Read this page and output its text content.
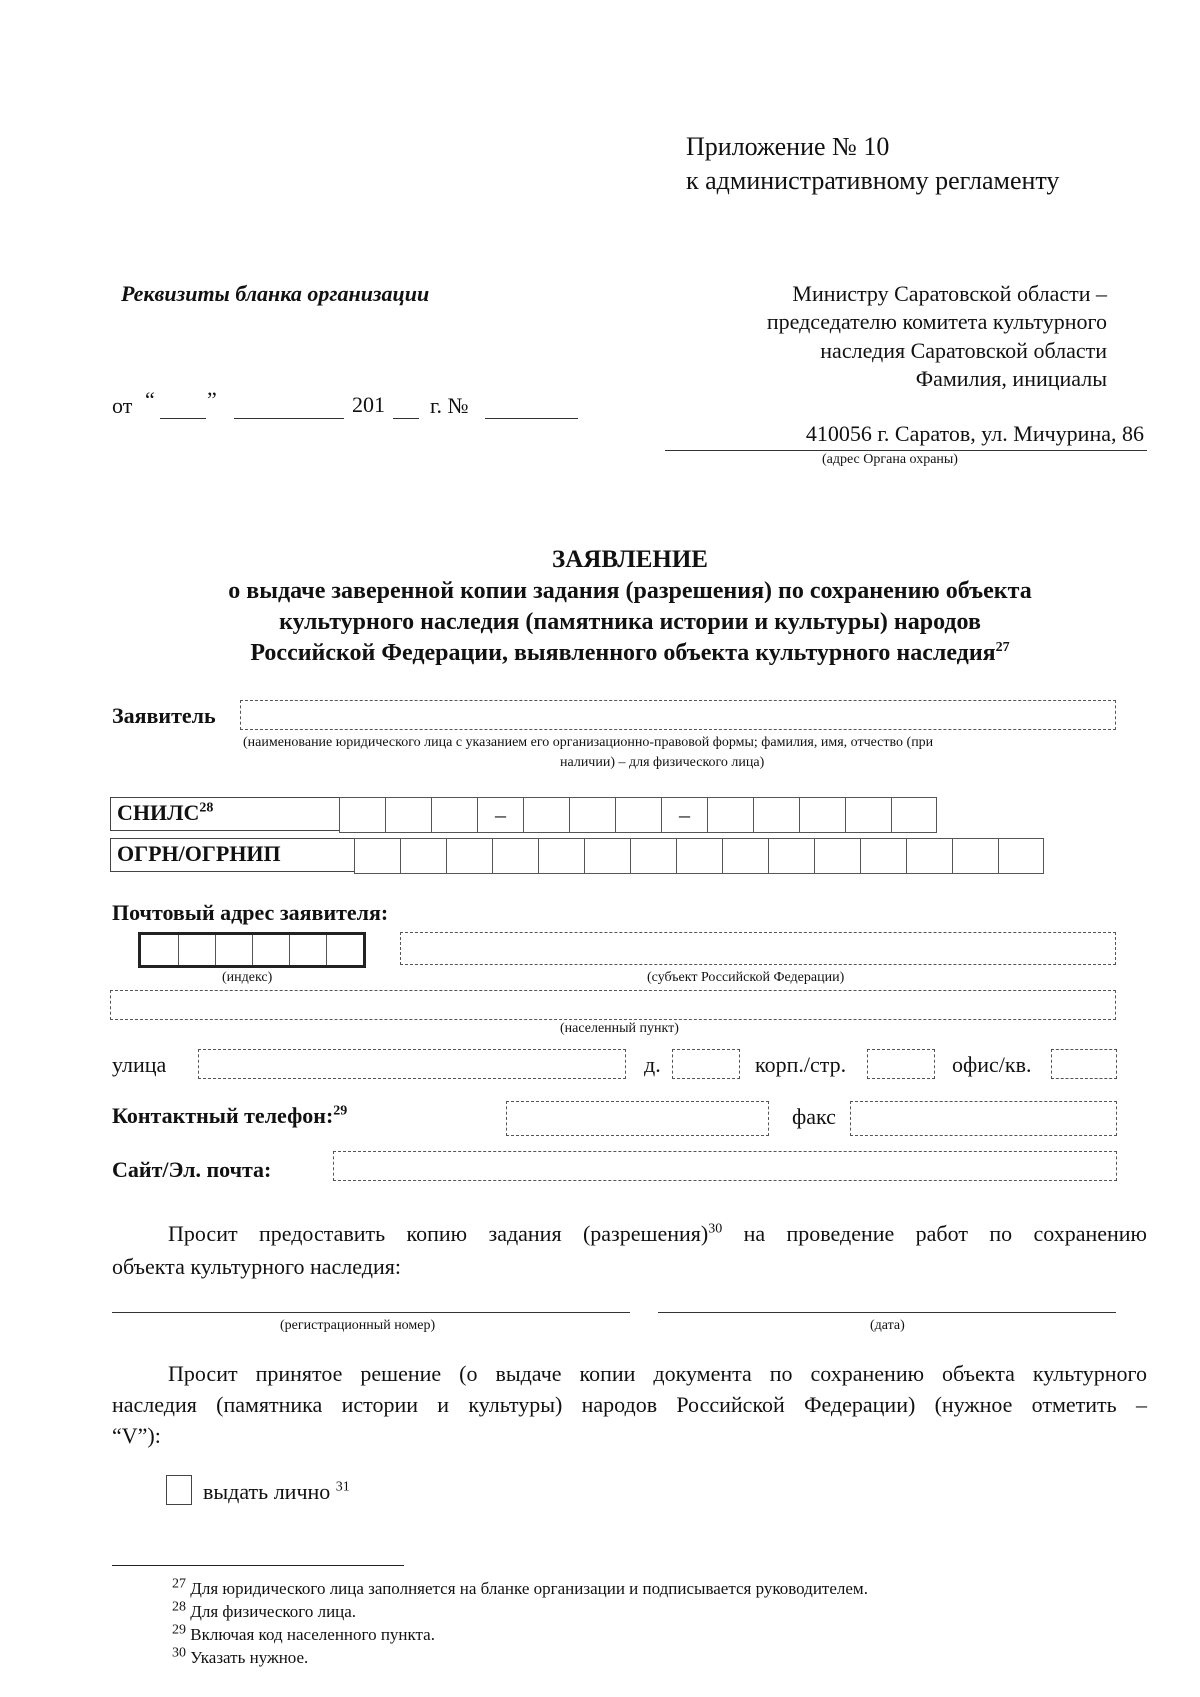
Приложение № 10
к административному регламенту
Реквизиты бланка организации
от “ ”	201 г. №
Министру Саратовской области –
председателю комитета культурного
наследия Саратовской области
Фамилия, инициалы
410056 г. Саратов, ул. Мичурина, 86
(адрес Органа охраны)
ЗАЯВЛЕНИЕ
о выдаче заверенной копии задания (разрешения) по сохранению объекта
культурного наследия (памятника истории и культуры) народов
Российской Федерации, выявленного объекта культурного наследия$^{27}$
Заявитель
(наименование юридического лица с указанием его организационно-правовой формы; фамилия, имя, отчество (при
наличии) – для физического лица)
СНИЛС$^{28}$	–	–
ОГРН/ОГРНИП
Почтовый адрес заявителя:
(индекс)	(субъект Российской Федерации)
(населенный пункт)
улица	д.	корп./стр.	офис/кв.
Контактный телефон:$^{29}$	факс
Сайт/Эл. почта:
Просит предоставить копию задания (разрешения)$^{30}$ на проведение работ по сохранению
объекта культурного наследия:
(регистрационный номер)	(дата)
Просит принятое решение (о выдаче копии документа по сохранению объекта культурного
наследия (памятника истории и культуры) народов Российской Федерации) (нужное отметить –
“V”):
выдать лично $^{31}$
$^{27}$ Для юридического лица заполняется на бланке организации и подписывается руководителем.
$^{28}$ Для физического лица.
$^{29}$ Включая код населенного пункта.
$^{30}$ Указать нужное.
